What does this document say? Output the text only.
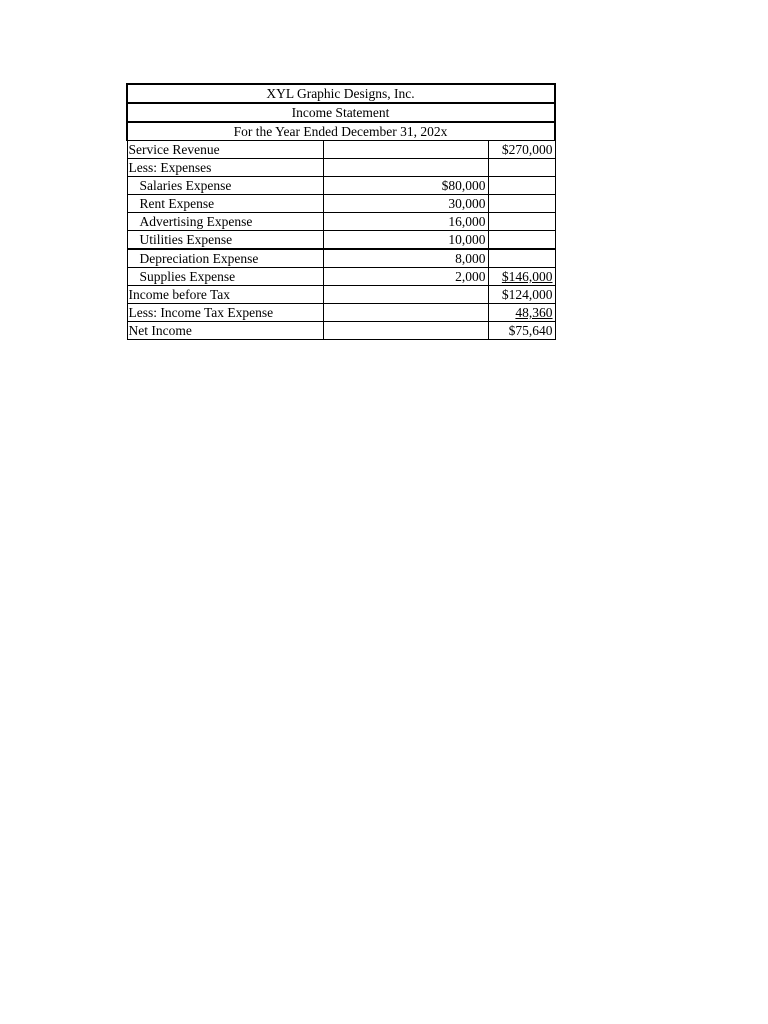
XYL Graphic Designs, Inc.		
Income Statement		
For the Year Ended December 31, 202x		
Service Revenue		$270,000
Less: Expenses		
Salaries Expense	$80,000	
Rent Expense	30,000	
Advertising Expense	16,000	
Utilities Expense	10,000	
Depreciation Expense	8,000	
Supplies Expense	2,000	$146,000
Income before Tax		$124,000
Less: Income Tax Expense		48,360
Net Income		$75,640
